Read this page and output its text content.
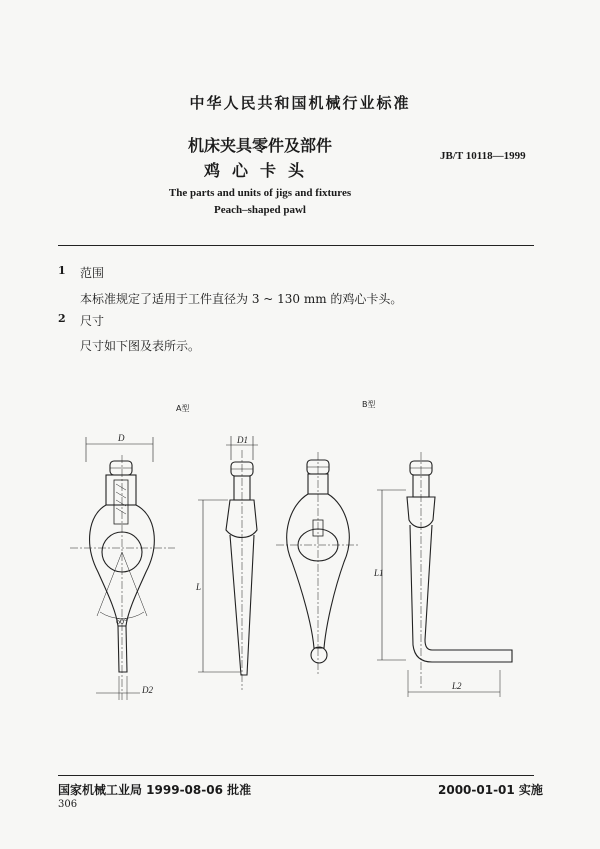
中华人民共和国机械行业标准
机床夹具零件及部件
鸡心卡头
JB/T 10118—1999
The parts and units of jigs and fixtures
Peach–shaped pawl
1 范围
本标准规定了适用于工件直径为 3 ~ 130 mm 的鸡心卡头。
2 尺寸
尺寸如下图及表所示。
A型	B型
D
60°
D2
D1
L
L1
L2
国家机械工业局 1999-08-06 批准	2000-01-01 实施
306
